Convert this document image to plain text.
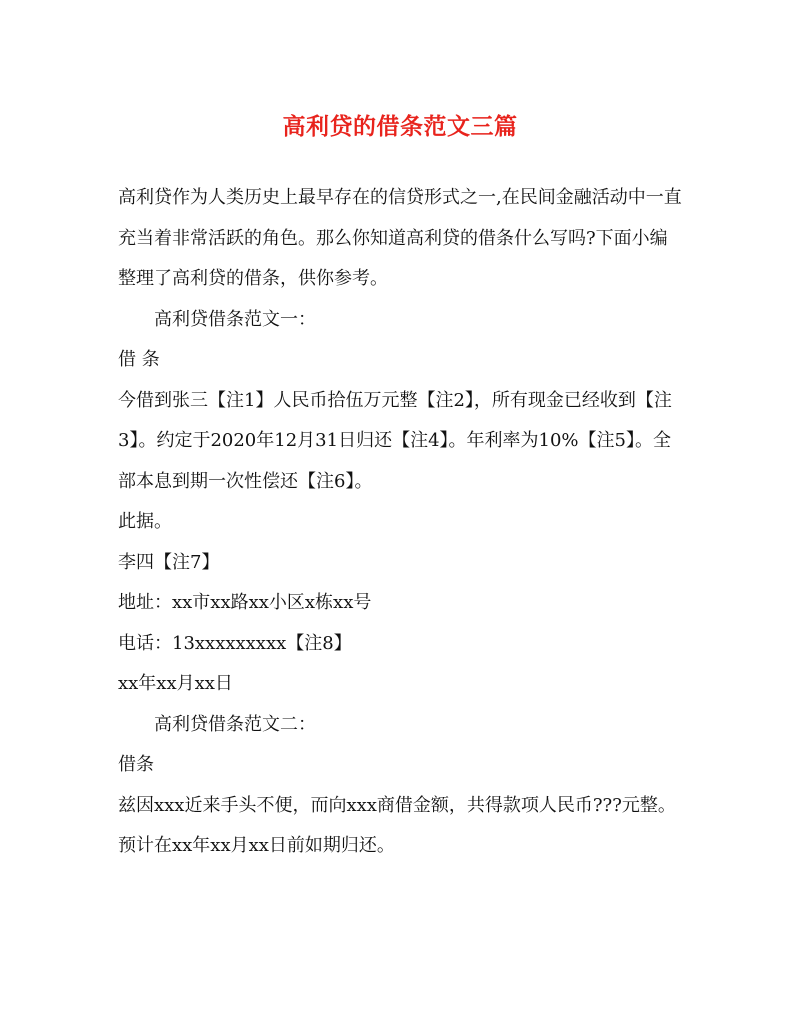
高利贷的借条范文三篇

高利贷作为人类历史上最早存在的信贷形式之一,在民间金融活动中一直充当着非常活跃的角色。那么你知道高利贷的借条什么写吗?下面小编整理了高利贷的借条，供你参考。

高利贷借条范文一：

借 条

今借到张三【注1】人民币拾伍万元整【注2】，所有现金已经收到【注3】。约定于2020年12月31日归还【注4】。年利率为10%【注5】。全部本息到期一次性偿还【注6】。

此据。

李四【注7】

地址：xx市xx路xx小区x栋xx号

电话：13xxxxxxxxx【注8】

xx年xx月xx日

高利贷借条范文二：

借条

兹因xxx近来手头不便，而向xxx商借金额，共得款项人民币???元整。

预计在xx年xx月xx日前如期归还。
